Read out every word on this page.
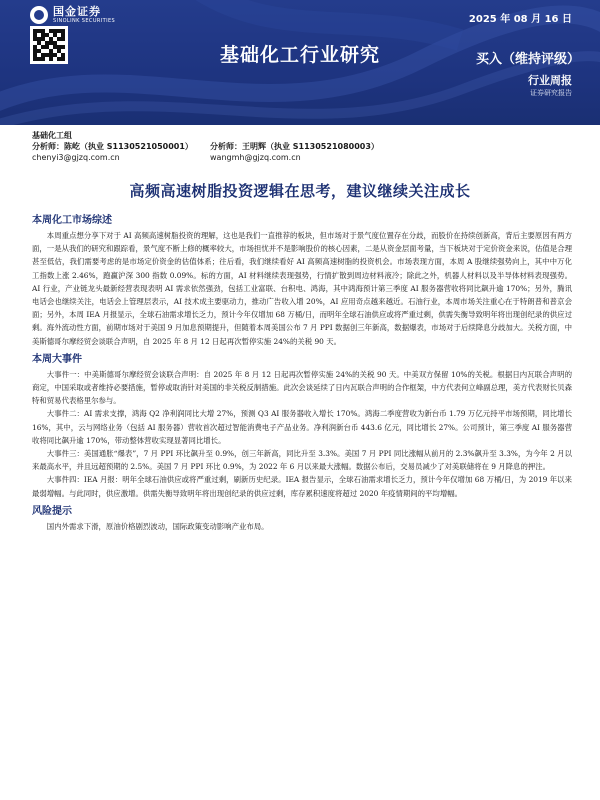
国金证券
SINOLINK SECURITIES	2025 年 08 月 16 日
基础化工行业研究	买入（维持评级）
行业周报
证券研究报告
基础化工组
分析师：陈屹（执业 S1130521050001）
chenyi3@gjzq.com.cn
分析师：王明辉（执业 S1130521080003）
wangmh@gjzq.com.cn
高频高速树脂投资逻辑在思考，建议继续关注成长
本周化工市场综述

本周重点想分享下对于 AI 高频高速树脂投资的理解，这也是我们一直推荐的板块，但市场对于景气度位置存在分歧，而股价在持续创新高，背后主要原因有两方面，一是从我们的研究和跟踪看，景气度不断上修的概率较大，市场担忧并不是影响股价的核心因素，二是从资金层面考量，当下板块对于定价资金来说，估值是合理甚至低估，我们需要考虑的是市场定价资金的估值体系；往后看，我们继续看好 AI 高频高速树脂的投资机会。市场表现方面，本周 A 股继续强势向上，其中中万化工指数上涨 2.46%，跑赢沪深 300 指数 0.09%。标的方面，AI 材料继续表现强势，行情扩散到周边材料液冷；除此之外，机器人材料以及半导体材料表现强势。AI 行业，产业链龙头最新经营表现表明 AI 需求依然强劲，包括工业富联、台积电、鸿海，其中鸿海预计第三季度 AI 服务器营收将同比飙升逾 170%；另外，腾讯电话会也继续关注，电话会上管理层表示，AI 技术成主要驱动力，推动广告收入增 20%，AI 应用奇点越来越近。石油行业，本周市场关注重心在于特朗普和普京会面；另外，本周 IEA 月报显示，全球石油需求增长乏力，预计今年仅增加 68 万桶/日，而明年全球石油供应或将严重过剩，供需失衡导致明年将出现创纪录的供应过剩。海外流动性方面，前期市场对于美国 9 月加息预期提升，但随着本周美国公布 7 月 PPI 数据创三年新高，数据爆表，市场对于后续降息分歧加大。关税方面，中美斯德哥尔摩经贸会谈联合声明，自 2025 年 8 月 12 日起再次暂停实施 24%的关税 90 天。

本周大事件

大事件一：中美斯德哥尔摩经贸会谈联合声明：自 2025 年 8 月 12 日起再次暂停实施 24%的关税 90 天。中美双方保留 10%的关税。根据日内瓦联合声明的商定，中国采取或者维持必要措施，暂停或取消针对美国的非关税反制措施。此次会谈延续了日内瓦联合声明的合作框架，中方代表何立峰副总理，美方代表财长贝森特和贸易代表格里尔参与。

大事件二：AI 需求支撑，鸿海 Q2 净利润同比大增 27%，预测 Q3 AI 服务器收入增长 170%。鸿海二季度营收为新台币 1.79 万亿元持平市场预期，同比增长 16%，其中，云与网络业务（包括 AI 服务器）营收首次超过智能消费电子产品业务。净利润新台币 443.6 亿元，同比增长 27%。公司预计，第三季度 AI 服务器营收将同比飙升逾 170%，带动整体营收实现显著同比增长。

大事件三：美国通胀“爆表”，7 月 PPI 环比飙升至 0.9%，创三年新高，同比升至 3.3%。美国 7 月 PPI 同比涨幅从前月的 2.3%飙升至 3.3%，为今年 2 月以来最高水平，并且远超预期的 2.5%。美国 7 月 PPI 环比 0.9%，为 2022 年 6 月以来最大涨幅。数据公布后，交易员减少了对美联储将在 9 月降息的押注。

大事件四：IEA 月报：明年全球石油供应或将严重过剩，刷新历史纪录。IEA 报告显示，全球石油需求增长乏力，预计今年仅增加 68 万桶/日，为 2019 年以来最弱增幅。与此同时，供应激增。供需失衡导致明年将出现创纪录的供应过剩，库存累积速度将超过 2020 年疫情期间的平均增幅。

风险提示

国内外需求下滑，原油价格剧烈波动，国际政策变动影响产业布局。
